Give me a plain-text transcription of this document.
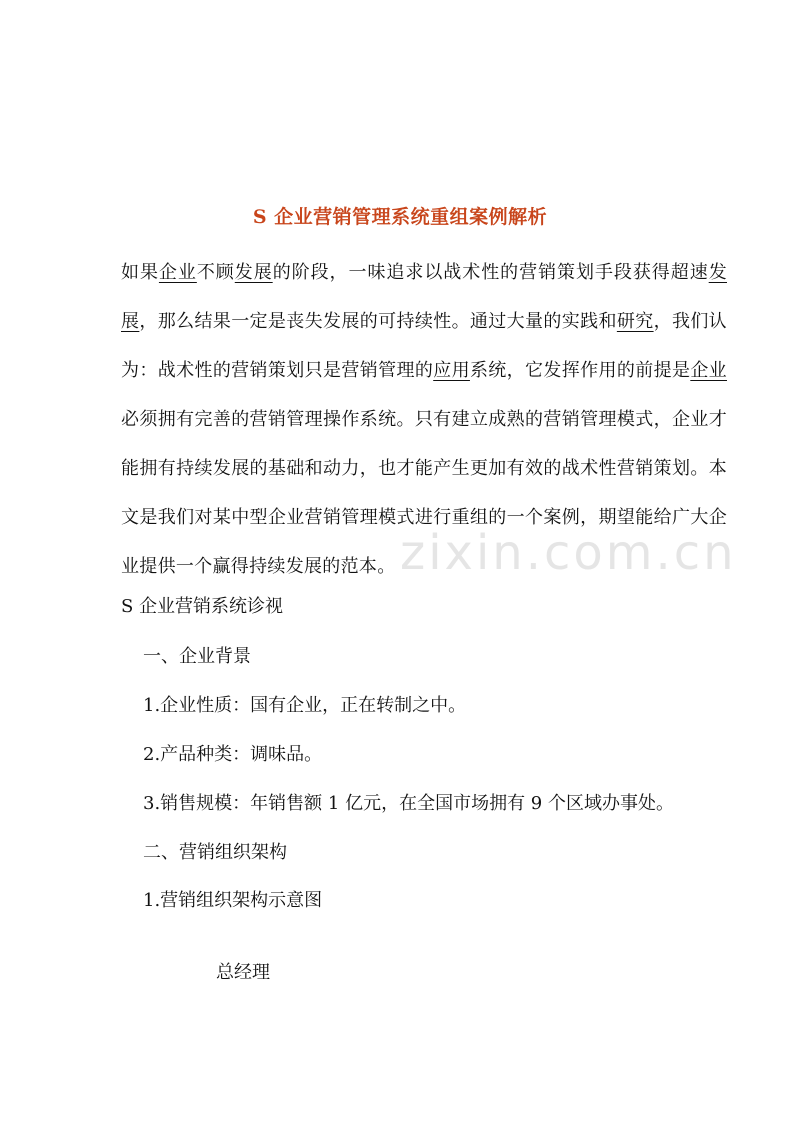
S 企业营销管理系统重组案例解析

如果企业不顾发展的阶段，一味追求以战术性的营销策划手段获得超速发展，那么结果一定是丧失发展的可持续性。通过大量的实践和研究，我们认为：战术性的营销策划只是营销管理的应用系统，它发挥作用的前提是企业必须拥有完善的营销管理操作系统。只有建立成熟的营销管理模式，企业才能拥有持续发展的基础和动力，也才能产生更加有效的战术性营销策划。本文是我们对某中型企业营销管理模式进行重组的一个案例，期望能给广大企业提供一个赢得持续发展的范本。 zixin.com.cn

S 企业营销系统诊视

一、企业背景

1.企业性质：国有企业，正在转制之中。

2.产品种类：调味品。

3.销售规模：年销售额 1 亿元，在全国市场拥有 9 个区域办事处。

二、营销组织架构

1.营销组织架构示意图

总经理
